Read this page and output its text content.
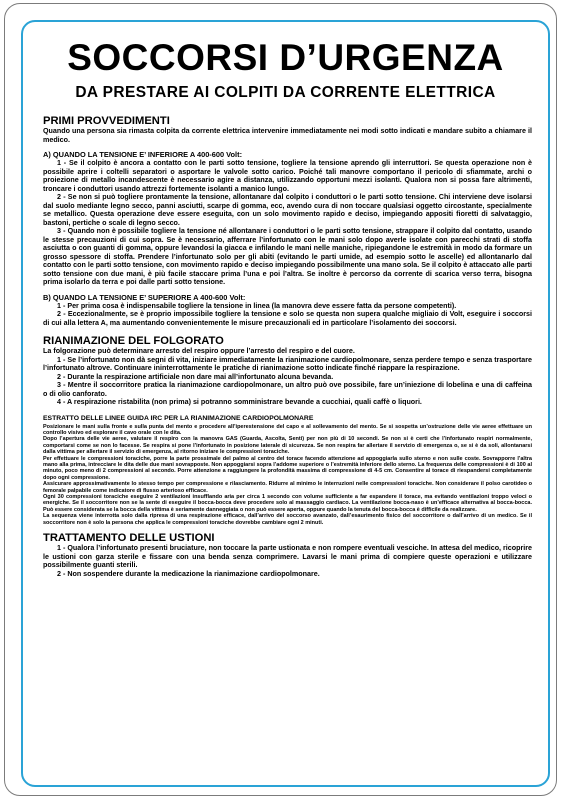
SOCCORSI D’URGENZA
DA PRESTARE AI COLPITI DA CORRENTE ELETTRICA

PRIMI PROVVEDIMENTI

Quando una persona sia rimasta colpita da corrente elettrica intervenire immediatamente nei modi sotto indicati e mandare subito a chiamare il medico.

A) QUANDO LA TENSIONE E’ INFERIORE A 400-600 Volt:

1 - Se il colpito è ancora a contatto con le parti sotto tensione, togliere la tensione aprendo gli interruttori. Se questa operazione non è possibile aprire i coltelli separatori o asportare le valvole sotto carico. Poiché tali manovre comportano il pericolo di sfiammate, archi o proiezione di metallo incandescente è necessario agire a distanza, utilizzando opportuni mezzi isolanti. Qualora non si possa fare altrimenti, troncare i conduttori usando attrezzi fortemente isolanti a manico lungo.

2 - Se non si può togliere prontamente la tensione, allontanare dal colpito i conduttori o le parti sotto tensione. Chi interviene deve isolarsi dal suolo mediante legno secco, panni asciutti, scarpe di gomma, ecc, avendo cura di non toccare qualsiasi oggetto circostante, specialmente se metallico. Questa operazione deve essere eseguita, con un solo movimento rapido e deciso, impiegando appositi fioretti di salvataggio, bastoni, pertiche o scale di legno secco.

3 - Quando non è possibile togliere la tensione né allontanare i conduttori o le parti sotto tensione, strappare il colpito dal contatto, usando le stesse precauzioni di cui sopra. Se è necessario, afferrare l’infortunato con le mani solo dopo averle isolate con parecchi strati di stoffa asciutta o con guanti di gomma, oppure levandosi la giacca e infilando le mani nelle maniche, ripiegandone le estremità in modo da formare un grosso spessore di stoffa. Prendere l’infortunato solo per gli abiti (evitando le parti umide, ad esempio sotto le ascelle) ed allontanarlo dal contatto con le parti sotto tensione, con movimento rapido e deciso impiegando possibilmente una mano sola. Se il colpito è attaccato alle parti sotto tensione con due mani, è più facile staccare prima l’una e poi l’altra. Se inoltre è percorso da corrente di scarica verso terra, bisogna prima isolarlo da terra e poi dalle parti sotto tensione.

B) QUANDO LA TENSIONE E’ SUPERIORE A 400-600 Volt:

1 - Per prima cosa è indispensabile togliere la tensione in linea (la manovra deve essere fatta da persone competenti).

2 - Eccezionalmente, se è proprio impossibile togliere la tensione e solo se questa non supera qualche migliaio di Volt, eseguire i soccorsi di cui alla lettera A, ma aumentando convenientemente le misure precauzionali ed in particolare l’isolamento dei soccorsi.

RIANIMAZIONE DEL FOLGORATO

La folgorazione può determinare arresto del respiro oppure l’arresto del respiro e del cuore.

1 - Se l’infortunato non dà segni di vita, iniziare immediatamente la rianimazione cardiopolmonare, senza perdere tempo e senza trasportare l’infortunato altrove. Continuare ininterrottamente le pratiche di rianimazione sotto indicate finché riappare la respirazione.

2 - Durante la respirazione artificiale non dare mai all’infortunato alcuna bevanda.

3 - Mentre il soccorritore pratica la rianimazione cardiopolmonare, un altro può ove possibile, fare un’iniezione di lobelina e una di caffeina o di olio canforato.

4 - A respirazione ristabilita (non prima) si potranno somministrare bevande a cucchiai, quali caffè o liquori.

ESTRATTO DELLE LINEE GUIDA IRC PER LA RIANIMAZIONE CARDIOPOLMONARE

Posizionare le mani sulla fronte e sulla punta del mento e procedere all’iperestensione del capo e al sollevamento del mento. Se si sospetta un’ostruzione delle vie aeree effettuare un controllo visivo ed esplorare il cavo orale con le dita.

Dopo l’apertura delle vie aeree, valutare il respiro con la manovra GAS (Guarda, Ascolta, Senti) per non più di 10 secondi. Se non si è certi che l’infortunato respiri normalmente, comportarsi come se non lo facesse. Se respira si pone l’infortunato in posizione laterale di sicurezza. Se non respira far allertare il servizio di emergenza o, se si è da soli, allontanarsi dalla vittima per allertare il servizio di emergenza, al ritorno iniziare le compressioni toraciche.

Per effettuare le compressioni toraciche, porre la parte prossimale del palmo al centro del torace facendo attenzione ad appoggiarla sullo sterno e non sulle coste. Sovrapporre l’altra mano alla prima, intrecciare le dita delle due mani sovrapposte. Non appoggiarsi sopra l’addome superiore o l’estremità inferiore dello sterno. La frequenza delle compressioni è di 100 al minuto, poco meno di 2 compressioni al secondo. Porre attenzione a raggiungere la profondità massima di compressione di 4-5 cm. Consentire al torace di riespandersi completamente dopo ogni compressione.

Assicurare approssimativamente lo stesso tempo per compressione e rilasciamento. Ridurre al minimo le interruzioni nelle compressioni toraciche. Non considerare il polso carotideo o femorale palpabile come indicatore di flusso arterioso efficace.

Ogni 30 compressioni toraciche eseguire 2 ventilazioni insufflando aria per circa 1 secondo con volume sufficiente a far espandere il torace, ma evitando ventilazioni troppo veloci o energiche. Se il soccorritore non se la sente di eseguire il bocca-bocca deve procedere solo al massaggio cardiaco. La ventilazione bocca-naso è un’efficace alternativa al bocca-bocca. Può essere considerata se la bocca della vittima è seriamente danneggiata o non può essere aperta, oppure quando la tenuta del bocca-bocca è difficile da realizzare.

La sequenza viene interrotta solo dalla ripresa di una respirazione efficace, dall’arrivo del soccorso avanzato, dall’esaurimento fisico del soccorritore o dall’arrivo di un medico. Se il soccorritore non è solo la persona che applica le compressioni toraciche dovrebbe cambiare ogni 2 minuti.

TRATTAMENTO DELLE USTIONI

1 - Qualora l’infortunato presenti bruciature, non toccare la parte ustionata e non rompere eventuali vesciche. In attesa del medico, ricoprire le ustioni con garza sterile e fissare con una benda senza comprimere. Lavarsi le mani prima di compiere queste operazioni e utilizzare possibilmente guanti sterili.

2 - Non sospendere durante la medicazione la rianimazione cardiopolmonare.
